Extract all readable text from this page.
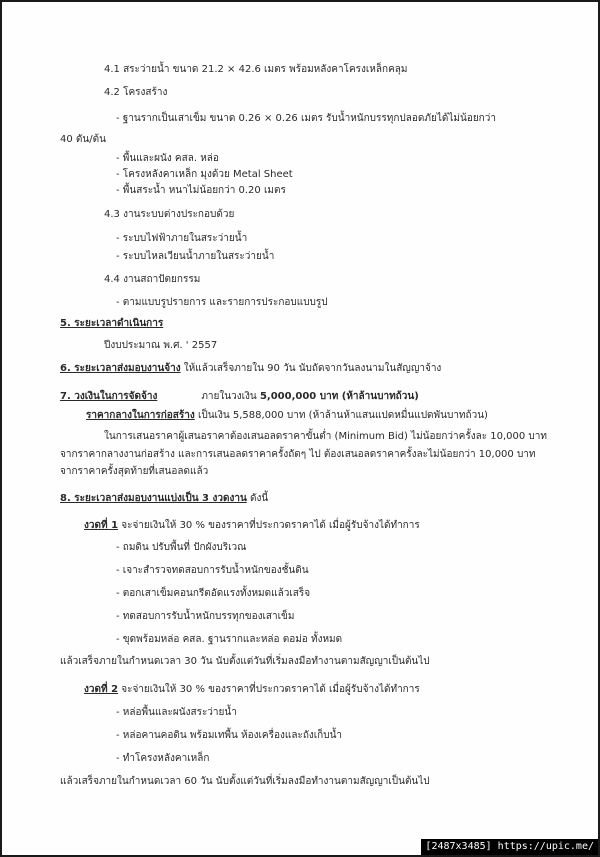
4.1 สระว่ายน้ำ ขนาด 21.2 × 42.6 เมตร พร้อมหลังคาโครงเหล็กคลุม
4.2 โครงสร้าง
- ฐานรากเป็นเสาเข็ม ขนาด 0.26 × 0.26 เมตร รับน้ำหนักบรรทุกปลอดภัยได้ไม่น้อยกว่า
40 ตัน/ต้น
- พื้นและผนัง คสล. หล่อ
- โครงหลังคาเหล็ก มุงด้วย Metal Sheet
- พื้นสระน้ำ หนาไม่น้อยกว่า 0.20 เมตร
4.3 งานระบบต่างประกอบด้วย
- ระบบไฟฟ้าภายในสระว่ายน้ำ
- ระบบไหลเวียนน้ำภายในสระว่ายน้ำ
4.4 งานสถาปัตยกรรม
- ตามแบบรูปรายการ และรายการประกอบแบบรูป
5. ระยะเวลาดำเนินการ
ปีงบประมาณ พ.ศ. ' 2557
6. ระยะเวลาส่งมอบงานจ้าง ให้แล้วเสร็จภายใน 90 วัน นับถัดจากวันลงนามในสัญญาจ้าง
7. วงเงินในการจัดจ้าง	ภายในวงเงิน 5,000,000 บาท (ห้าล้านบาทถ้วน)
ราคากลางในการก่อสร้าง เป็นเงิน 5,588,000 บาท (ห้าล้านห้าแสนแปดหมื่นแปดพันบาทถ้วน)
ในการเสนอราคาผู้เสนอราคาต้องเสนอลดราคาขั้นต่ำ (Minimum Bid) ไม่น้อยกว่าครั้งละ 10,000 บาท
จากราคากลางงานก่อสร้าง และการเสนอลดราคาครั้งถัดๆ ไป ต้องเสนอลดราคาครั้งละไม่น้อยกว่า 10,000 บาท
จากราคาครั้งสุดท้ายที่เสนอลดแล้ว
8. ระยะเวลาส่งมอบงานแบ่งเป็น 3 งวดงาน ดังนี้
งวดที่ 1 จะจ่ายเงินให้ 30 % ของราคาที่ประกวดราคาได้ เมื่อผู้รับจ้างได้ทำการ
- ถมดิน ปรับพื้นที่ ปักผังบริเวณ
- เจาะสำรวจทดสอบการรับน้ำหนักของชั้นดิน
- ตอกเสาเข็มคอนกรีตอัดแรงทั้งหมดแล้วเสร็จ
- ทดสอบการรับน้ำหนักบรรทุกของเสาเข็ม
- ขุดพร้อมหล่อ คสล. ฐานรากและหล่อ ตอม่อ ทั้งหมด
แล้วเสร็จภายในกำหนดเวลา 30 วัน นับตั้งแต่วันที่เริ่มลงมือทำงานตามสัญญาเป็นต้นไป
งวดที่ 2 จะจ่ายเงินให้ 30 % ของราคาที่ประกวดราคาได้ เมื่อผู้รับจ้างได้ทำการ
- หล่อพื้นและผนังสระว่ายน้ำ
- หล่อคานคอดิน พร้อมเทพื้น ห้องเครื่องและถังเก็บน้ำ
- ทำโครงหลังคาเหล็ก
แล้วเสร็จภายในกำหนดเวลา 60 วัน นับตั้งแต่วันที่เริ่มลงมือทำงานตามสัญญาเป็นต้นไป
[2487x3485] https://upic.me/
